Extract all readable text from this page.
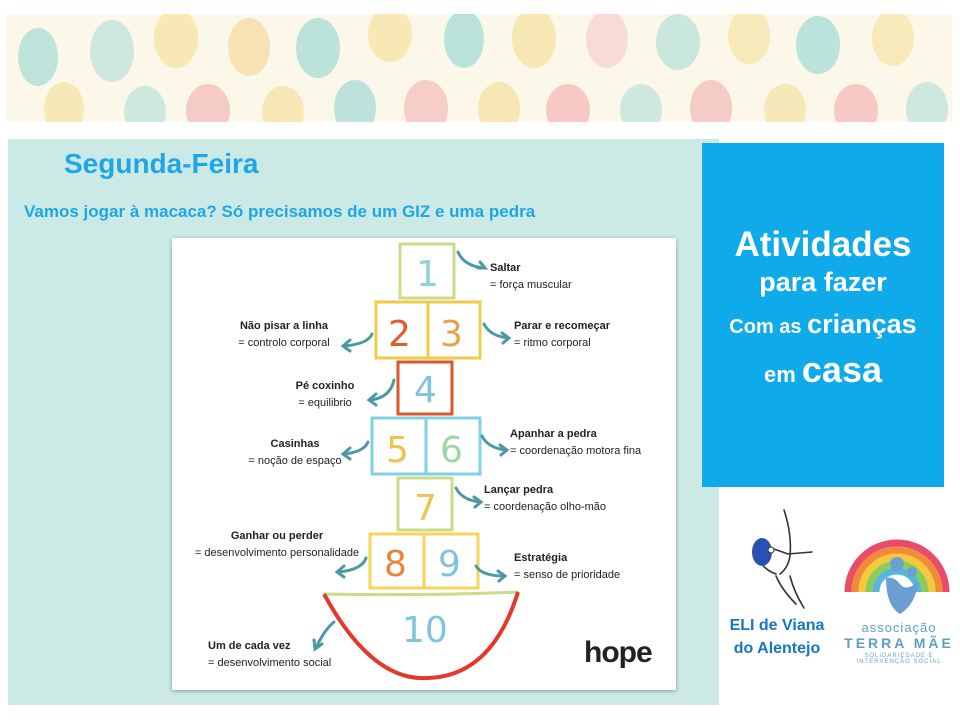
Segunda-Feira
Vamos jogar à macaca? Só precisamos de um GIZ e uma pedra
1
2 3
4
5 6
7
8 9
10
Saltar
= força muscular
Não pisar a linha
= controlo corporal
Parar e recomeçar
= ritmo corporal
Pé coxinho
= equilibrio
Casinhas
= noção de espaço
Apanhar a pedra
= coordenação motora fina
Lançar pedra
= coordenação olho-mão
Ganhar ou perder
= desenvolvimento personalidade	Estratégia
= senso de prioridade
Um de cada vez
= desenvolvimento social	hope
Atividades
para fazer
Com as crianças
em casa
ELI de Viana
do Alentejo
associação
TERRA MÃE
SOLIDARIEDADE E INTERVENÇÃO SOCIAL
